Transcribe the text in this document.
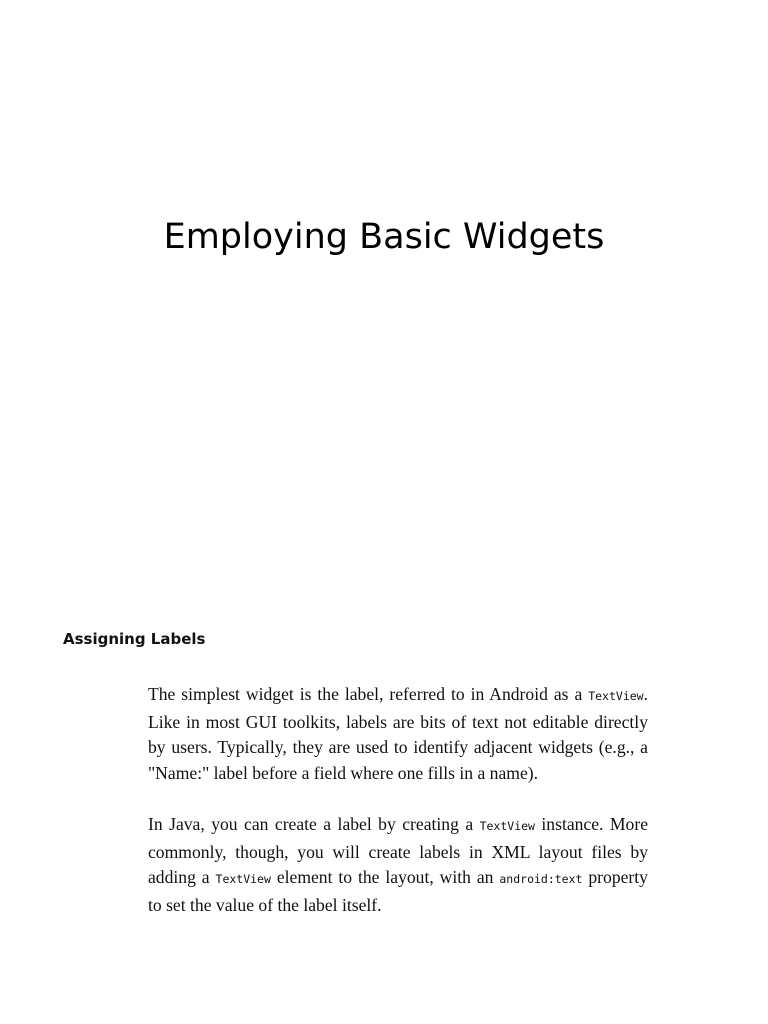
Employing Basic Widgets
Assigning Labels

The simplest widget is the label, referred to in Android as a TextView. Like in most GUI toolkits, labels are bits of text not editable directly by users. Typically, they are used to identify adjacent widgets (e.g., a "Name:" label before a field where one fills in a name).

In Java, you can create a label by creating a TextView instance. More commonly, though, you will create labels in XML layout files by adding a TextView element to the layout, with an android:text property to set the value of the label itself.
